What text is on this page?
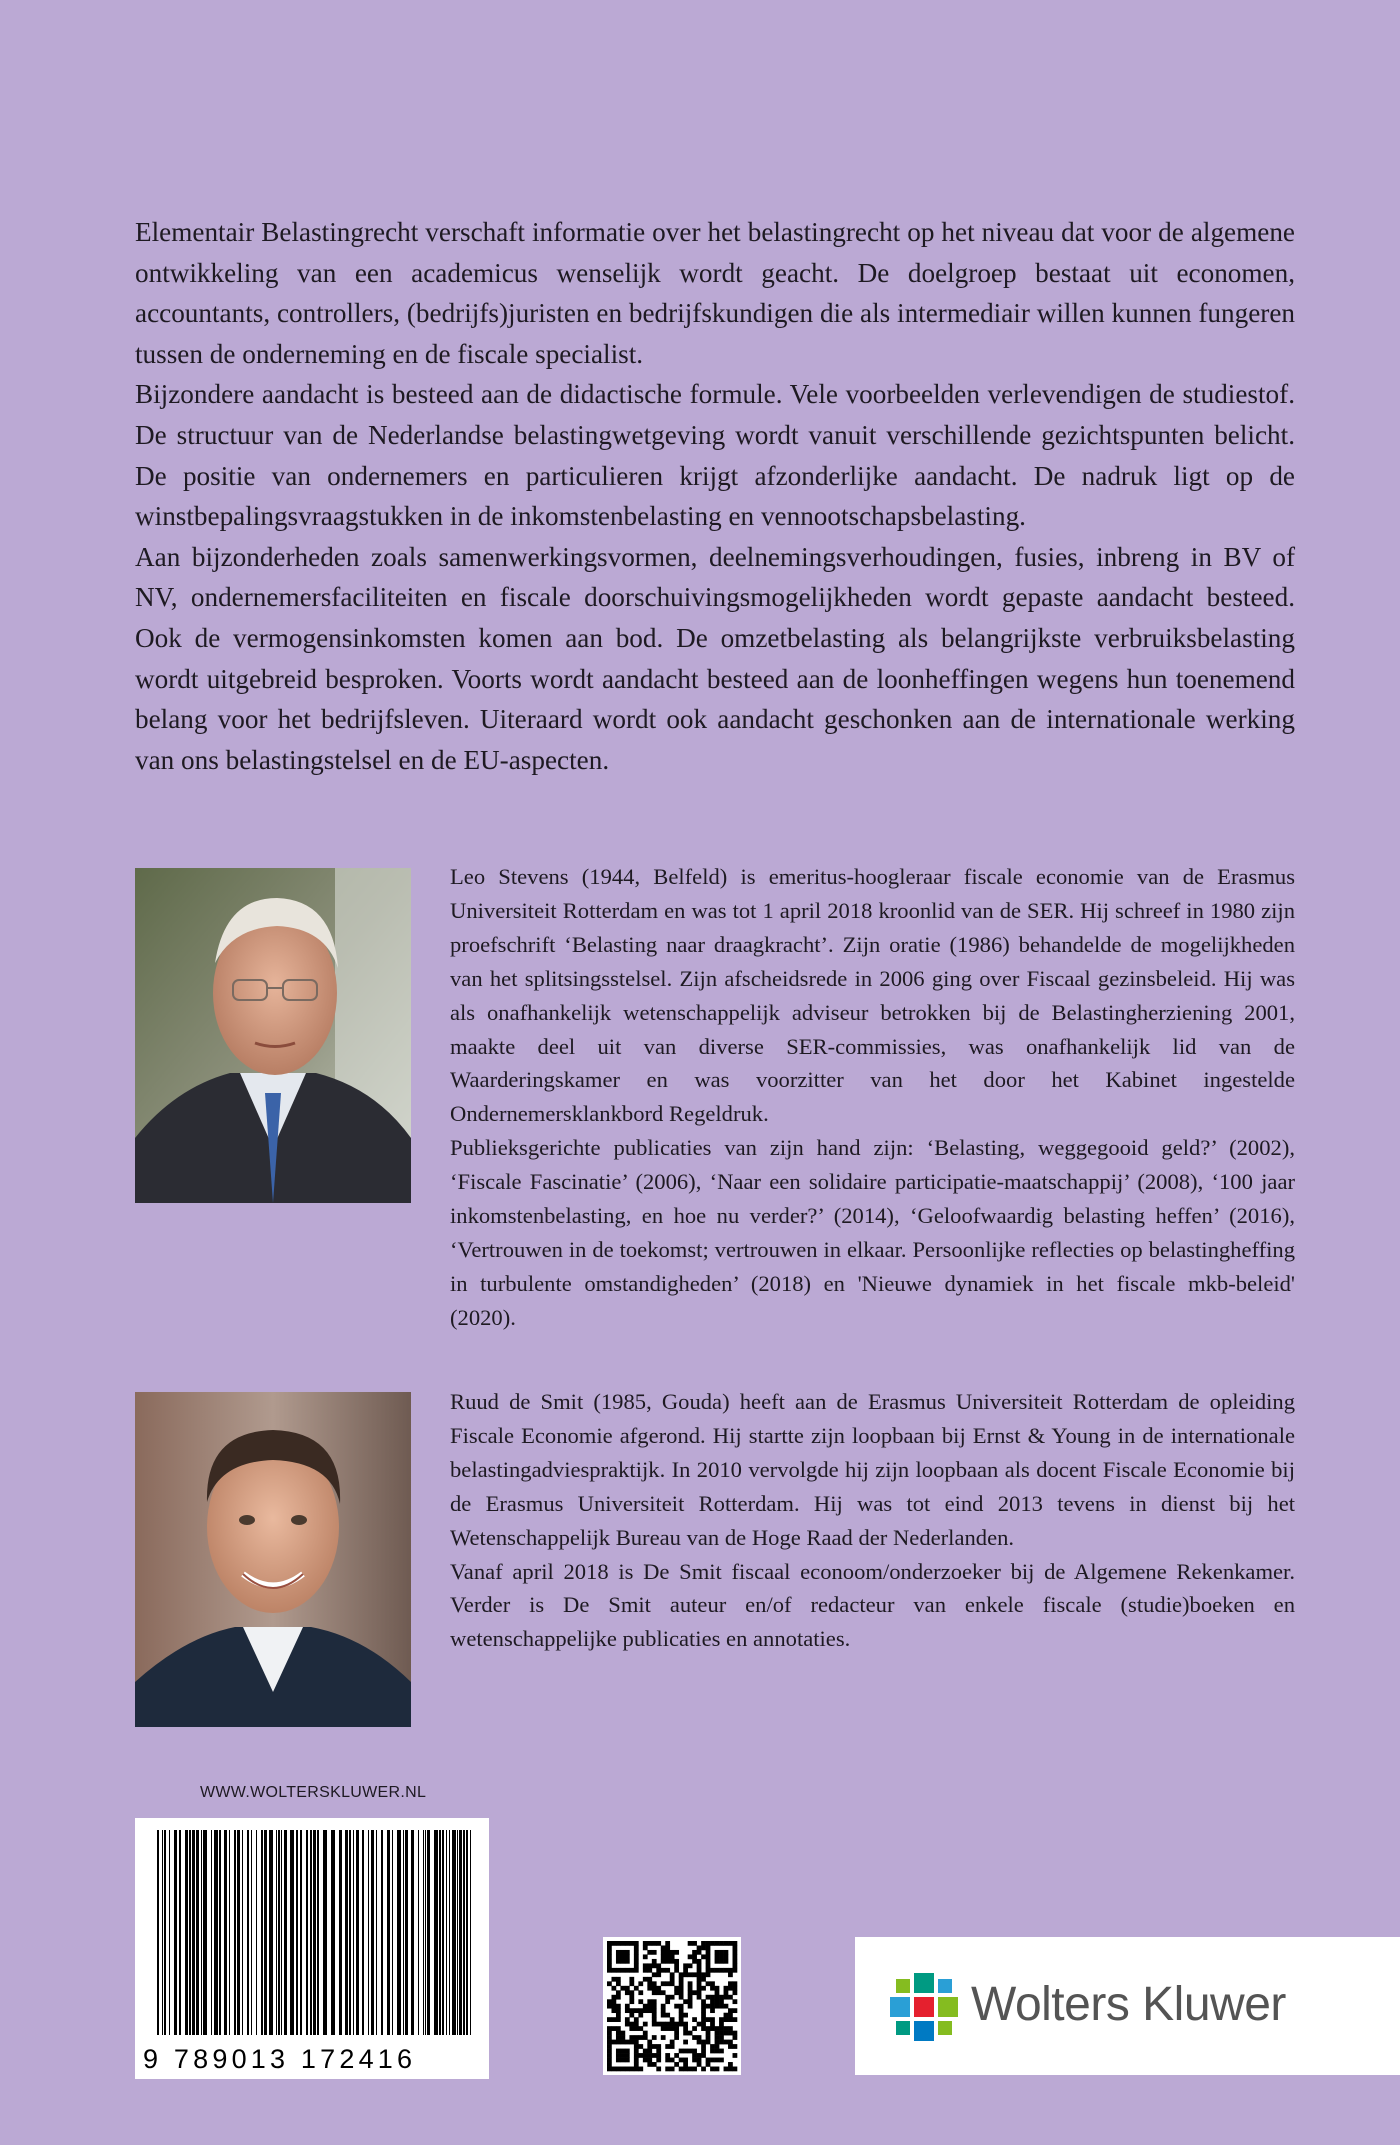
Elementair Belastingrecht verschaft informatie over het belastingrecht op het niveau dat voor de algemene ontwikkeling van een academicus wenselijk wordt geacht. De doelgroep bestaat uit economen, accountants, controllers, (bedrijfs)juristen en bedrijfskundigen die als intermediair willen kunnen fungeren tussen de onderneming en de fiscale specialist.

Bijzondere aandacht is besteed aan de didactische formule. Vele voorbeelden verlevendigen de studiestof. De structuur van de Nederlandse belastingwetgeving wordt vanuit verschillende gezichtspunten belicht. De positie van ondernemers en particulieren krijgt afzonderlijke aandacht. De nadruk ligt op de winstbepalingsvraagstukken in de inkomstenbelasting en vennootschapsbelasting.

Aan bijzonderheden zoals samenwerkingsvormen, deelnemingsverhoudingen, fusies, inbreng in BV of NV, ondernemersfaciliteiten en fiscale doorschuivingsmogelijkheden wordt gepaste aandacht besteed. Ook de vermogensinkomsten komen aan bod. De omzetbelasting als belangrijkste verbruiksbelasting wordt uitgebreid besproken. Voorts wordt aandacht besteed aan de loonheffingen wegens hun toenemend belang voor het bedrijfsleven. Uiteraard wordt ook aandacht geschonken aan de internationale werking van ons belastingstelsel en de EU-aspecten.

Leo Stevens (1944, Belfeld) is emeritus-hoogleraar fiscale economie van de Erasmus Universiteit Rotterdam en was tot 1 april 2018 kroonlid van de SER. Hij schreef in 1980 zijn proefschrift ‘Belasting naar draagkracht’. Zijn oratie (1986) behandelde de mogelijkheden van het splitsingsstelsel. Zijn afscheidsrede in 2006 ging over Fiscaal gezinsbeleid. Hij was als onafhankelijk wetenschappelijk adviseur betrokken bij de Belastingherziening 2001, maakte deel uit van diverse SER-commissies, was onafhankelijk lid van de Waarderingskamer en was voorzitter van het door het Kabinet ingestelde Ondernemersklankbord Regeldruk.

Publieksgerichte publicaties van zijn hand zijn: ‘Belasting, weggegooid geld?’ (2002), ‘Fiscale Fascinatie’ (2006), ‘Naar een solidaire participatie-maatschappij’ (2008), ‘100 jaar inkomstenbelasting, en hoe nu verder?’ (2014), ‘Geloofwaardig belasting heffen’ (2016), ‘Vertrouwen in de toekomst; vertrouwen in elkaar. Persoonlijke reflecties op belastingheffing in turbulente omstandigheden’ (2018) en 'Nieuwe dynamiek in het fiscale mkb-beleid' (2020).

Ruud de Smit (1985, Gouda) heeft aan de Erasmus Universiteit Rotterdam de opleiding Fiscale Economie afgerond. Hij startte zijn loopbaan bij Ernst & Young in de internationale belastingadviespraktijk. In 2010 vervolgde hij zijn loopbaan als docent Fiscale Economie bij de Erasmus Universiteit Rotterdam. Hij was tot eind 2013 tevens in dienst bij het Wetenschappelijk Bureau van de Hoge Raad der Nederlanden.

Vanaf april 2018 is De Smit fiscaal econoom/onderzoeker bij de Algemene Rekenkamer. Verder is De Smit auteur en/of redacteur van enkele fiscale (studie)boeken en wetenschappelijke publicaties en annotaties.

WWW.WOLTERSKLUWER.NL
9 789013 172416
Wolters Kluwer
